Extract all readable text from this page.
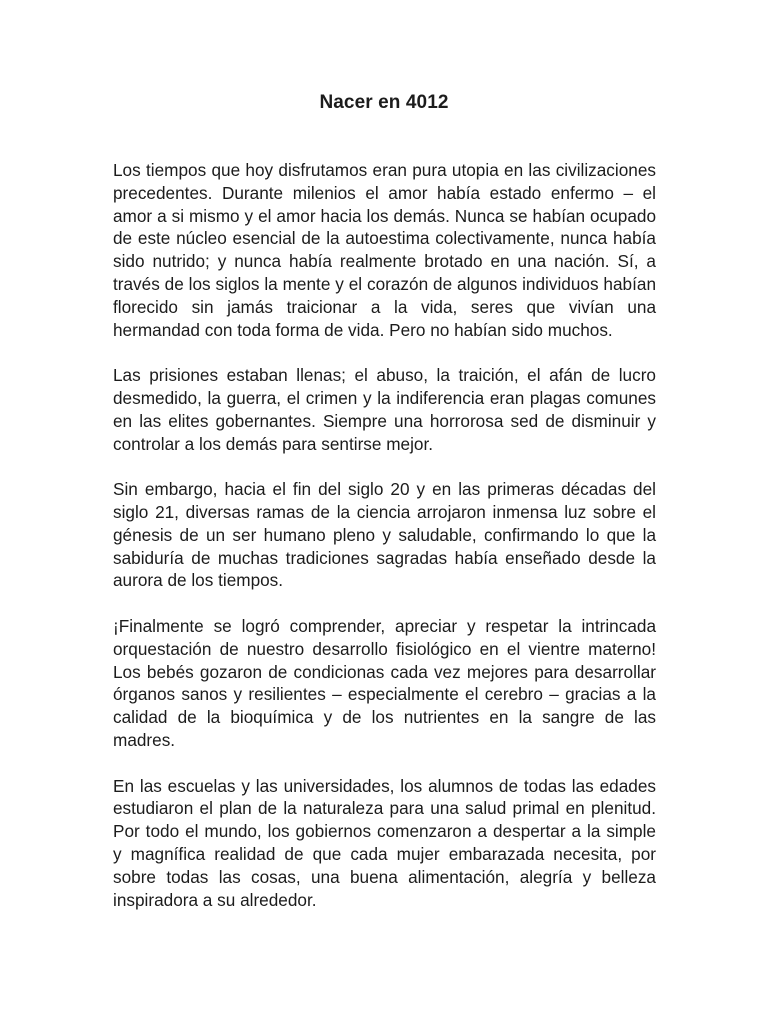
Nacer en 4012

Los tiempos que hoy disfrutamos eran pura utopia en las civilizaciones precedentes. Durante milenios el amor había estado enfermo – el amor a si mismo y el amor hacia los demás. Nunca se habían ocupado de este núcleo esencial de la autoestima colectivamente, nunca había sido nutrido; y nunca había realmente brotado en una nación. Sí, a través de los siglos la mente y el corazón de algunos individuos habían florecido sin jamás traicionar a la vida, seres que vivían una hermandad con toda forma de vida. Pero no habían sido muchos.

Las prisiones estaban llenas; el abuso, la traición, el afán de lucro desmedido, la guerra, el crimen y la indiferencia eran plagas comunes en las elites gobernantes. Siempre una horrorosa sed de disminuir y controlar a los demás para sentirse mejor.

Sin embargo, hacia el fin del siglo 20 y en las primeras décadas del siglo 21, diversas ramas de la ciencia arrojaron inmensa luz sobre el génesis de un ser humano pleno y saludable, confirmando lo que la sabiduría de muchas tradiciones sagradas había enseñado desde la aurora de los tiempos.

¡Finalmente se logró comprender, apreciar y respetar la intrincada orquestación de nuestro desarrollo fisiológico en el vientre materno! Los bebés gozaron de condicionas cada vez mejores para desarrollar órganos sanos y resilientes – especialmente el cerebro – gracias a la calidad de la bioquímica y de los nutrientes en la sangre de las madres.

En las escuelas y las universidades, los alumnos de todas las edades estudiaron el plan de la naturaleza para una salud primal en plenitud. Por todo el mundo, los gobiernos comenzaron a despertar a la simple y magnífica realidad de que cada mujer embarazada necesita, por sobre todas las cosas, una buena alimentación, alegría y belleza inspiradora a su alrededor.
